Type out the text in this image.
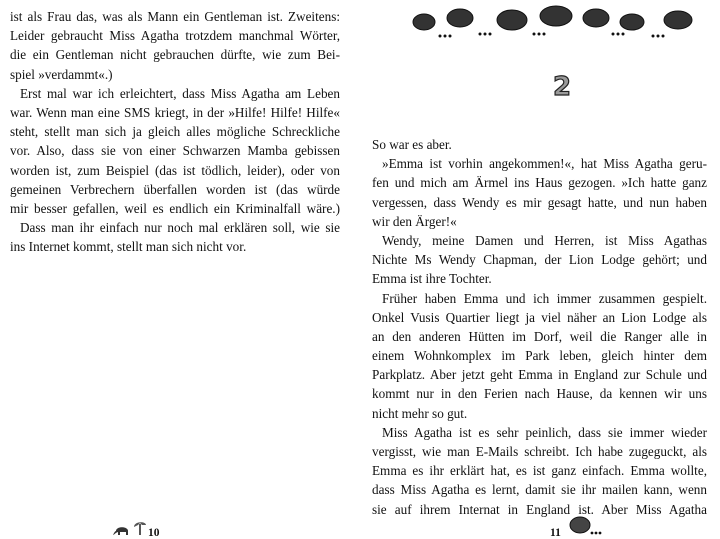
ist als Frau das, was als Mann ein Gentleman ist. Zweitens:
Leider gebraucht Miss Agatha trotzdem manchmal Wörter,
die ein Gentleman nicht gebrauchen dürfte, wie zum Bei-
spiel »verdammt«.)
Erst mal war ich erleichtert, dass Miss Agatha am Leben
war. Wenn man eine SMS kriegt, in der »Hilfe! Hilfe! Hilfe«
steht, stellt man sich ja gleich alles mögliche Schreckliche
vor. Also, dass sie von einer Schwarzen Mamba gebissen
worden ist, zum Beispiel (das ist tödlich, leider), oder von
gemeinen Verbrechern überfallen worden ist (das würde
mir besser gefallen, weil es endlich ein Kriminalfall wäre.)
Dass man ihr einfach nur noch mal erklären soll, wie sie
ins Internet kommt, stellt man sich nicht vor.
10
2
So war es aber.
»Emma ist vorhin angekommen!«, hat Miss Agatha geru-
fen und mich am Ärmel ins Haus gezogen. »Ich hatte ganz
vergessen, dass Wendy es mir gesagt hatte, und nun haben
wir den Ärger!«
Wendy, meine Damen und Herren, ist Miss Agathas
Nichte Ms Wendy Chapman, der Lion Lodge gehört; und
Emma ist ihre Tochter.
Früher haben Emma und ich immer zusammen gespielt.
Onkel Vusis Quartier liegt ja viel näher an Lion Lodge als
an den anderen Hütten im Dorf, weil die Ranger alle in
einem Wohnkomplex im Park leben, gleich hinter dem
Parkplatz. Aber jetzt geht Emma in England zur Schule und
kommt nur in den Ferien nach Hause, da kennen wir uns
nicht mehr so gut.
Miss Agatha ist es sehr peinlich, dass sie immer wieder
vergisst, wie man E-Mails schreibt. Ich habe zugeguckt, als
Emma es ihr erklärt hat, es ist ganz einfach. Emma wollte,
dass Miss Agatha es lernt, damit sie ihr mailen kann, wenn
sie auf ihrem Internat in England ist. Aber Miss Agatha
11
